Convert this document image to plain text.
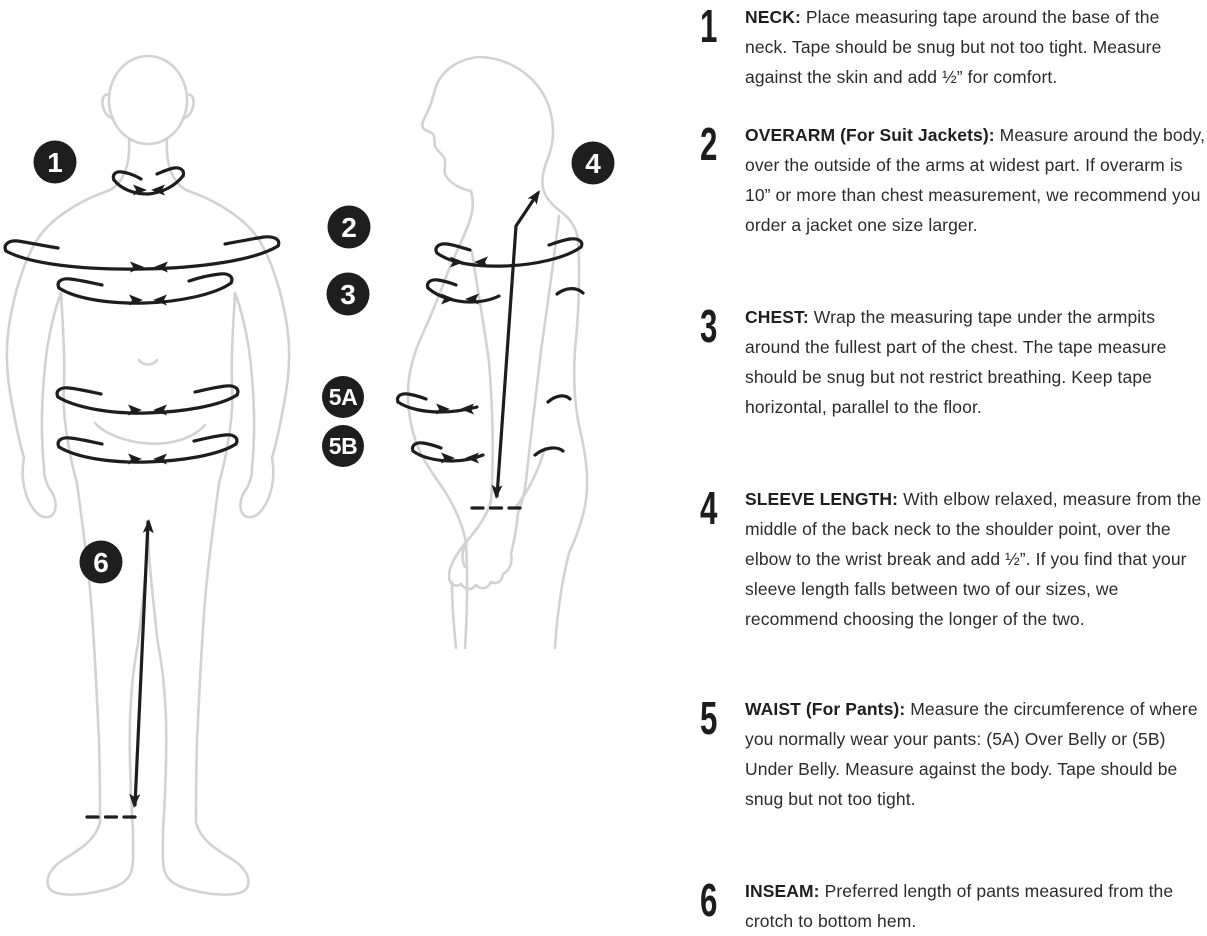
1
2
3
4
5A
5B
6
1	NECK: Place measuring tape around the base of the neck. Tape should be snug but not too tight. Measure against the skin and add ½” for comfort.
2	OVERARM (For Suit Jackets): Measure around the body, over the outside of the arms at widest part. If overarm is 10” or more than chest measurement, we recommend you order a jacket one size larger.
3	CHEST: Wrap the measuring tape under the armpits around the fullest part of the chest. The tape measure should be snug but not restrict breathing. Keep tape horizontal, parallel to the floor.
4	SLEEVE LENGTH: With elbow relaxed, measure from the middle of the back neck to the shoulder point, over the elbow to the wrist break and add ½”. If you find that your sleeve length falls between two of our sizes, we recommend choosing the longer of the two.
5	WAIST (For Pants): Measure the circumference of where you normally wear your pants: (5A) Over Belly or (5B) Under Belly. Measure against the body. Tape should be snug but not too tight.
6	INSEAM: Preferred length of pants measured from the crotch to bottom hem.
